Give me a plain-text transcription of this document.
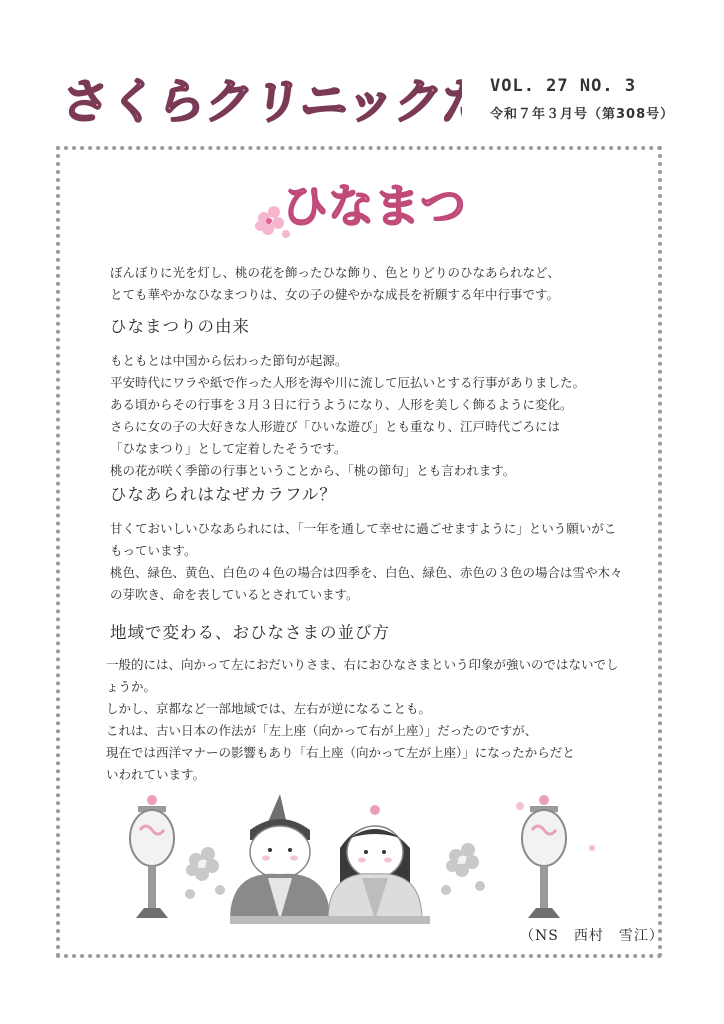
さくらクリニックだより
VOL. 27 NO. 3
令和７年３月号（第308号）
ひなまつ

ぼんぼりに光を灯し、桃の花を飾ったひな飾り、色とりどりのひなあられなど、

とても華やかなひなまつりは、女の子の健やかな成長を祈願する年中行事です。

ひなまつりの由来

もともとは中国から伝わった節句が起源。

平安時代にワラや紙で作った人形を海や川に流して厄払いとする行事がありました。

ある頃からその行事を３月３日に行うようになり、人形を美しく飾るように変化。

さらに女の子の大好きな人形遊び「ひいな遊び」とも重なり、江戸時代ごろには

「ひなまつり」として定着したそうです。

桃の花が咲く季節の行事ということから、「桃の節句」とも言われます。

ひなあられはなぜカラフル？

甘くておいしいひなあられには、「一年を通して幸せに過ごせますように」という願いがこ

もっています。

桃色、緑色、黄色、白色の４色の場合は四季を、白色、緑色、赤色の３色の場合は雪や木々

の芽吹き、命を表しているとされています。

地域で変わる、おひなさまの並び方

一般的には、向かって左におだいりさま、右におひなさまという印象が強いのではないでし

ょうか。

しかし、京都など一部地域では、左右が逆になることも。

これは、古い日本の作法が「左上座（向かって右が上座）」だったのですが、

現在では西洋マナーの影響もあり「右上座（向かって左が上座）」になったからだと

いわれています。

（NS　西村　雪江）
